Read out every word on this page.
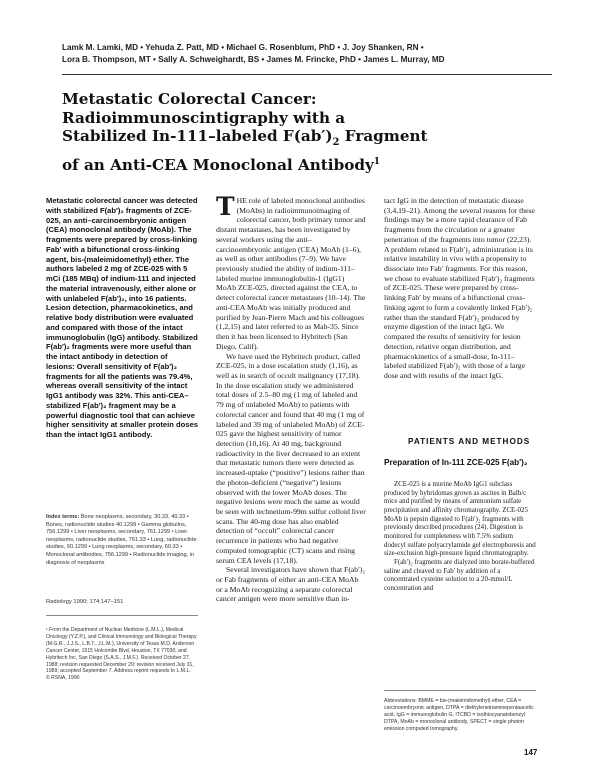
Lamk M. Lamki, MD • Yehuda Z. Patt, MD • Michael G. Rosenblum, PhD • J. Joy Shanken, RN •
Lora B. Thompson, MT • Sally A. Schweighardt, BS • James M. Frincke, PhD • James L. Murray, MD
Metastatic Colorectal Cancer:
Radioimmunoscintigraphy with a
Stabilized In-111–labeled $F(ab')_2$ Fragment
of an Anti-CEA Monoclonal Antibody$^1$
Metastatic colorectal cancer was detected with stabilized F(ab′)₂ fragments of ZCE-025, an anti–carcinoembryonic antigen (CEA) monoclonal antibody (MoAb). The fragments were prepared by cross-linking Fab′ with a bifunctional cross-linking agent, bis-(maleimidomethyl) ether. The authors labeled 2 mg of ZCE-025 with 5 mCi (185 MBq) of indium-111 and injected the material intravenously, either alone or with unlabeled F(ab′)₂, into 16 patients. Lesion detection, pharmacokinetics, and relative body distribution were evaluated and compared with those of the intact immunoglobulin (IgG) antibody. Stabilized F(ab′)₂ fragments were more useful than the intact antibody in detection of lesions: Overall sensitivity of F(ab′)₂ fragments for all the patients was 79.4%, whereas overall sensitivity of the intact IgG1 antibody was 32%. This anti-CEA–stabilized F(ab′)₂ fragment may be a powerful diagnostic tool that can achieve higher sensitivity at smaller protein doses than the intact IgG1 antibody.
Index terms: Bone neoplasms, secondary, 30.33, 40.33 • Bones, radionuclide studies 40.1299 • Gamma globulins, 756.1299 • Liver neoplasms, secondary, 761.1299 • Liver neoplasms, radionuclide studies, 761.33 • Lung, radionuclide studies, 60.1299 • Lung neoplasms, secondary, 60.33 • Monoclonal antibodies, 756.1299 • Radionuclide imaging, in diagnosis of neoplasms
Radiology 1990; 174:147–151
¹ From the Department of Nuclear Medicine (L.M.L.), Medical Oncology (Y.Z.P.), and Clinical Immunology and Biological Therapy (M.G.R., J.J.S., L.B.T., J.L.M.), University of Texas M.D. Anderson Cancer Center, 1515 Holcombe Blvd, Houston, TX 77030, and Hybritech Inc, San Diego (S.A.S., J.M.F.). Received October 27, 1988; revision requested December 29; revision received July 31, 1989; accepted September 7. Address reprint requests to L.M.L.
© RSNA, 1990

THE role of labeled monoclonal antibodies (MoAbs) in radioimmunoimaging of colorectal cancer, both primary tumor and distant metastases, has been investigated by several workers using the anti–carcinoembryonic antigen (CEA) MoAb (1–6), as well as other antibodies (7–9). We have previously studied the ability of indium-111–labeled murine immunoglobulin-1 (IgG1) MoAb ZCE-025, directed against the CEA, to detect colorectal cancer metastases (10–14). The anti-CEA MoAb was initially produced and purified by Jean-Pierre Mach and his colleagues (1,2,15) and later referred to as Mab-35. Since then it has been licensed to Hybritech (San Diego, Calif).

We have used the Hybritech product, called ZCE-025, in a dose escalation study (1,16), as well as in search of occult malignancy (17,18). In the dose escalation study we administered total doses of 2.5–80 mg (1 mg of labeled and 79 mg of unlabeled MoAb) to patients with colorectal cancer and found that 40 mg (1 mg of labeled and 39 mg of unlabeled MoAb) of ZCE-025 gave the highest sensitivity of tumor detection (10,16). At 40 mg, background radioactivity in the liver decreased to an extent that metastatic tumors there were detected as increased-uptake (“positive”) lesions rather than the photon-deficient (“negative”) lesions observed with the lower MoAb doses. The negative lesions were much the same as would be seen with technetium-99m sulfur colloid liver scans. The 40-mg dose has also enabled detection of “occult” colorectal cancer recurrence in patients who had negative computed tomographic (CT) scans and rising serum CEA levels (17,18).

Several investigators have shown that F(ab′)₂ or Fab fragments of either an anti-CEA MoAb or a MoAb recognizing a separate colorectal cancer antigen were more sensitive than in-

tact IgG in the detection of metastatic disease (3,4,19–21). Among the several reasons for these findings may be a more rapid clearance of Fab fragments from the circulation or a greater penetration of the fragments into tumor (22,23). A problem related to F(ab′)₂ administration is its relative instability in vivo with a propensity to dissociate into Fab′ fragments. For this reason, we chose to evaluate stabilized F(ab′)₂ fragments of ZCE-025. These were prepared by cross-linking Fab′ by means of a bifunctional cross-linking agent to form a covalently linked F(ab′)₂ rather than the standard F(ab′)₂ produced by enzyme digestion of the intact IgG. We compared the results of sensitivity for lesion detection, relative organ distribution, and pharmacokinetics of a small-dose, In-111–labeled stabilized F(ab′)₂ with those of a large dose and with results of the intact IgG.

PATIENTS AND METHODS
Preparation of In-111 ZCE-025 F(ab′)₂

ZCE-025 is a murine MoAb IgG1 subclass produced by hybridomas grown as ascites in Balb/c mice and purified by means of ammonium sulfate precipitation and affinity chromatography. ZCE-025 MoAb is pepsin digested to F(ab′)₂ fragments with previously described procedures (24). Digestion is monitored for completeness with 7.5% sodium dodecyl sulfate polyacrylamide gel electrophoresis and size-exclusion high-pressure liquid chromatography.

F(ab′)₂ fragments are dialyzed into borate-buffered saline and cleaved to Fab′ by addition of a concentrated cysteine solution to a 20-mmol/L concentration and

Abbreviations: BMME = bis-(maleimidomethyl) ether, CEA = carcinoembryonic antigen, DTPA = diethylenetriaminepentaacetic acid, IgG = immunoglobulin G, ITCBD = isothiocyanatobenzyl DTPA, MoAb = monoclonal antibody, SPECT = single photon emission computed tomography.
147
